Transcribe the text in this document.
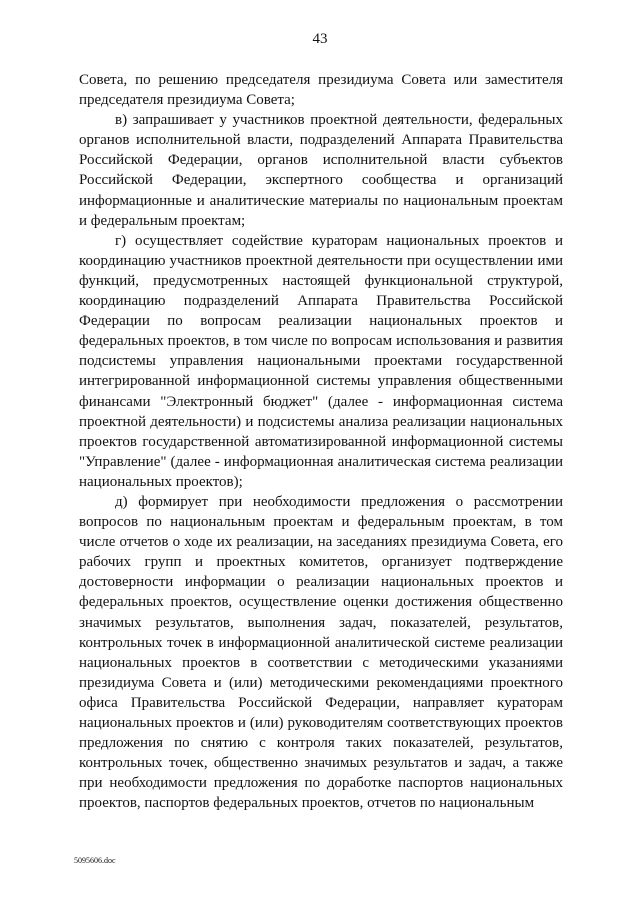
43

Совета, по решению председателя президиума Совета или заместителя председателя президиума Совета;

в) запрашивает у участников проектной деятельности, федеральных органов исполнительной власти, подразделений Аппарата Правительства Российской Федерации, органов исполнительной власти субъектов Российской Федерации, экспертного сообщества и организаций информационные и аналитические материалы по национальным проектам и федеральным проектам;

г) осуществляет содействие кураторам национальных проектов и координацию участников проектной деятельности при осуществлении ими функций, предусмотренных настоящей функциональной структурой, координацию подразделений Аппарата Правительства Российской Федерации по вопросам реализации национальных проектов и федеральных проектов, в том числе по вопросам использования и развития подсистемы управления национальными проектами государственной интегрированной информационной системы управления общественными финансами "Электронный бюджет" (далее - информационная система проектной деятельности) и подсистемы анализа реализации национальных проектов государственной автоматизированной информационной системы "Управление" (далее - информационная аналитическая система реализации национальных проектов);

д) формирует при необходимости предложения о рассмотрении вопросов по национальным проектам и федеральным проектам, в том числе отчетов о ходе их реализации, на заседаниях президиума Совета, его рабочих групп и проектных комитетов, организует подтверждение достоверности информации о реализации национальных проектов и федеральных проектов, осуществление оценки достижения общественно значимых результатов, выполнения задач, показателей, результатов, контрольных точек в информационной аналитической системе реализации национальных проектов в соответствии с методическими указаниями президиума Совета и (или) методическими рекомендациями проектного офиса Правительства Российской Федерации, направляет кураторам национальных проектов и (или) руководителям соответствующих проектов предложения по снятию с контроля таких показателей, результатов, контрольных точек, общественно значимых результатов и задач, а также при необходимости предложения по доработке паспортов национальных проектов, паспортов федеральных проектов, отчетов по национальным

5095606.doc
